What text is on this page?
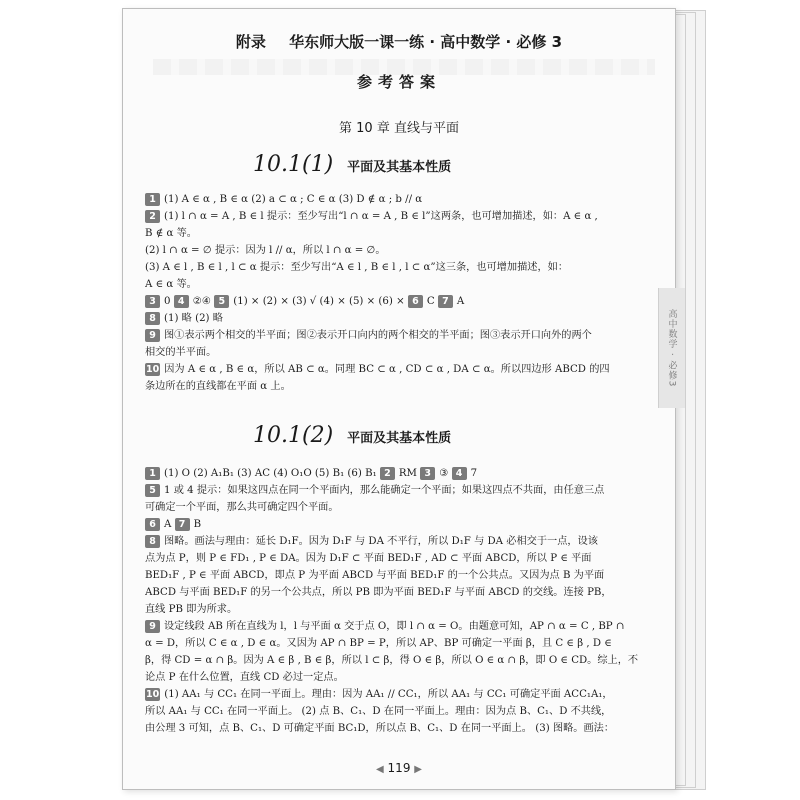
附录 华东师大版一课一练 · 高中数学 · 必修 3
参考答案
第 10 章 直线与平面
10.1(1) 平面及其基本性质
1 (1) A ∈ α , B ∈ α (2) a ⊂ α ; C ∈ α (3) D ∉ α ; b // α
2 (1) l ∩ α = A , B ∈ l 提示：至少写出“l ∩ α = A , B ∈ l”这两条，也可增加描述，如：A ∈ α ,
B ∉ α 等。
(2) l ∩ α = ∅ 提示：因为 l // α，所以 l ∩ α = ∅。
(3) A ∈ l , B ∈ l , l ⊂ α 提示：至少写出“A ∈ l , B ∈ l , l ⊂ α”这三条，也可增加描述，如：
A ∈ α 等。
3 0 4 ②④ 5 (1) × (2) × (3) √ (4) × (5) × (6) × 6 C 7 A
8 (1) 略 (2) 略
9 图①表示两个相交的半平面；图②表示开口向内的两个相交的半平面；图③表示开口向外的两个
相交的半平面。
10 因为 A ∈ α , B ∈ α，所以 AB ⊂ α。同理 BC ⊂ α , CD ⊂ α , DA ⊂ α。所以四边形 ABCD 的四
条边所在的直线都在平面 α 上。
10.1(2) 平面及其基本性质
1 (1) O (2) A₁B₁ (3) AC (4) O₁O (5) B₁ (6) B₁ 2 RM 3 ③ 4 7
5 1 或 4 提示：如果这四点在同一个平面内，那么能确定一个平面；如果这四点不共面，由任意三点
可确定一个平面，那么共可确定四个平面。
6 A 7 B
8 图略。画法与理由：延长 D₁F。因为 D₁F 与 DA 不平行，所以 D₁F 与 DA 必相交于一点，设该
点为点 P，则 P ∈ FD₁ , P ∈ DA。因为 D₁F ⊂ 平面 BED₁F , AD ⊂ 平面 ABCD，所以 P ∈ 平面
BED₁F , P ∈ 平面 ABCD，即点 P 为平面 ABCD 与平面 BED₁F 的一个公共点。又因为点 B 为平面
ABCD 与平面 BED₁F 的另一个公共点，所以 PB 即为平面 BED₁F 与平面 ABCD 的交线。连接 PB，
直线 PB 即为所求。
9 设定线段 AB 所在直线为 l，l 与平面 α 交于点 O，即 l ∩ α = O。由题意可知，AP ∩ α = C , BP ∩
α = D，所以 C ∈ α , D ∈ α。又因为 AP ∩ BP = P，所以 AP、BP 可确定一平面 β，且 C ∈ β , D ∈
β，得 CD = α ∩ β。因为 A ∈ β , B ∈ β，所以 l ⊂ β，得 O ∈ β，所以 O ∈ α ∩ β，即 O ∈ CD。综上，不
论点 P 在什么位置，直线 CD 必过一定点。
10 (1) AA₁ 与 CC₁ 在同一平面上。理由：因为 AA₁ // CC₁，所以 AA₁ 与 CC₁ 可确定平面 ACC₁A₁，
所以 AA₁ 与 CC₁ 在同一平面上。 (2) 点 B、C₁、D 在同一平面上。理由：因为点 B、C₁、D 不共线，
由公理 3 可知，点 B、C₁、D 可确定平面 BC₁D，所以点 B、C₁、D 在同一平面上。 (3) 图略。画法：
◀ 119 ▶
高中数学 · 必修3
